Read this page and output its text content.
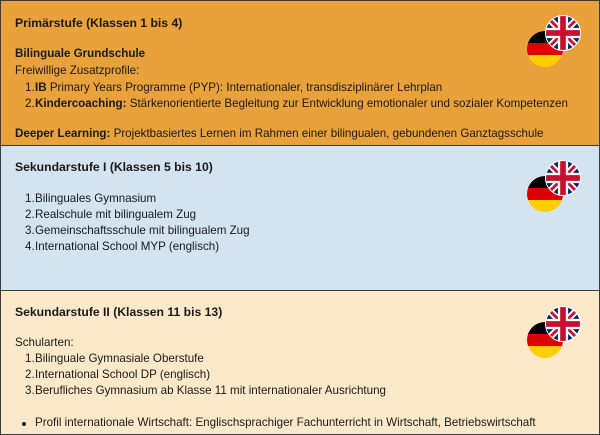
Primärstufe (Klassen 1 bis 4)
Bilinguale Grundschule
Freiwillige Zusatzprofile:
1.IB Primary Years Programme (PYP): Internationaler, transdisziplinärer Lehrplan
2.Kindercoaching: Stärkenorientierte Begleitung zur Entwicklung emotionaler und sozialer Kompetenzen
Deeper Learning: Projektbasiertes Lernen im Rahmen einer bilingualen, gebundenen Ganztagsschule
Sekundarstufe I (Klassen 5 bis 10)
1.Bilinguales Gymnasium
2.Realschule mit bilingualem Zug
3.Gemeinschaftsschule mit bilingualem Zug
4.International School MYP (englisch)
Sekundarstufe II (Klassen 11 bis 13)
Schularten:
1.Bilinguale Gymnasiale Oberstufe
2.International School DP (englisch)
3.Berufliches Gymnasium ab Klasse 11 mit internationaler Ausrichtung
Profil internationale Wirtschaft: Englischsprachiger Fachunterricht in Wirtschaft, Betriebswirtschaft
